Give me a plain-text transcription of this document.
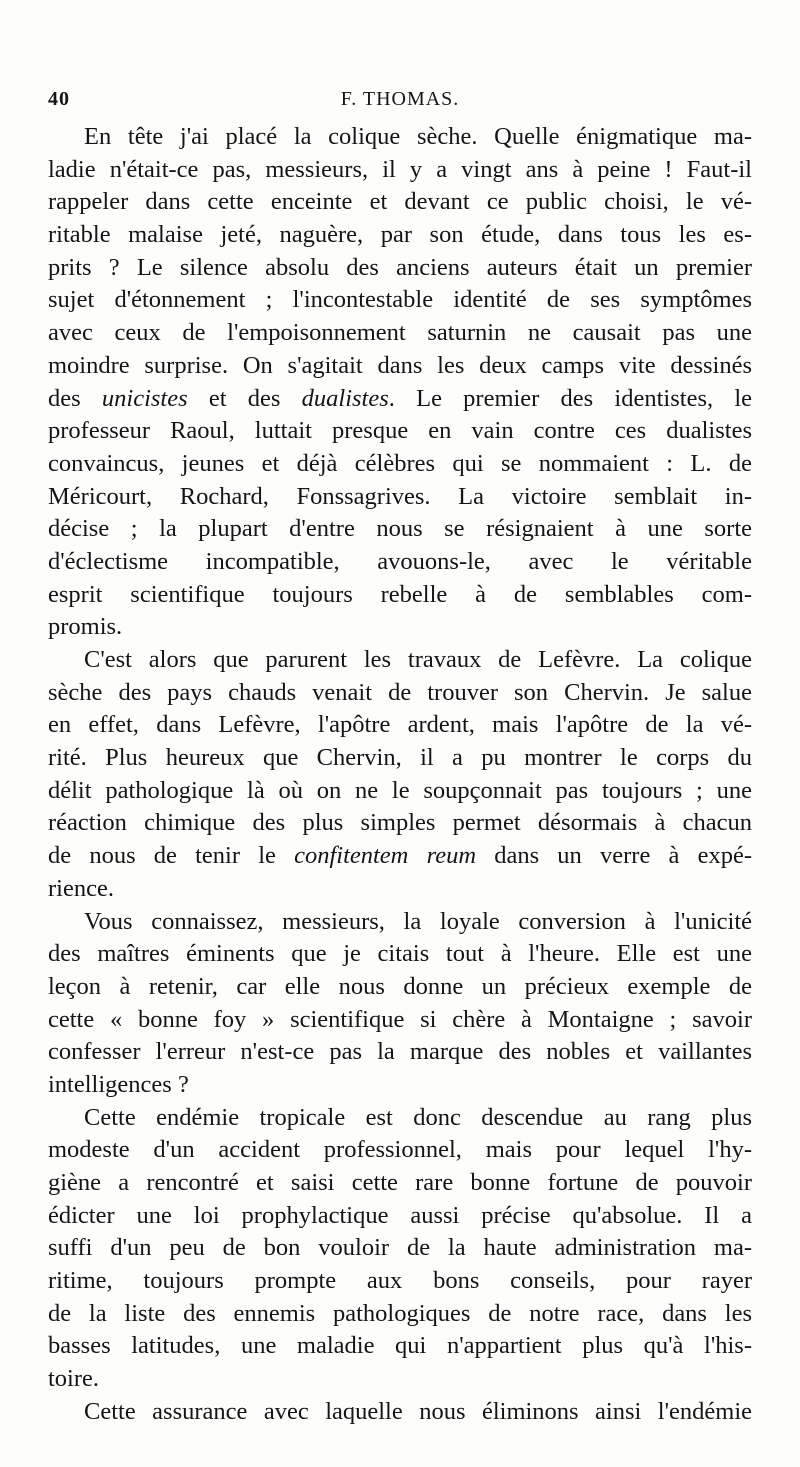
40	F. THOMAS.
En tête j'ai placé la colique sèche. Quelle énigmatique ma-
ladie n'était-ce pas, messieurs, il y a vingt ans à peine ! Faut-il
rappeler dans cette enceinte et devant ce public choisi, le vé-
ritable malaise jeté, naguère, par son étude, dans tous les es-
prits ? Le silence absolu des anciens auteurs était un premier
sujet d'étonnement ; l'incontestable identité de ses symptômes
avec ceux de l'empoisonnement saturnin ne causait pas une
moindre surprise. On s'agitait dans les deux camps vite dessinés
des unicistes et des dualistes. Le premier des identistes, le
professeur Raoul, luttait presque en vain contre ces dualistes
convaincus, jeunes et déjà célèbres qui se nommaient : L. de
Méricourt, Rochard, Fonssagrives. La victoire semblait in-
décise ; la plupart d'entre nous se résignaient à une sorte
d'éclectisme incompatible, avouons-le, avec le véritable
esprit scientifique toujours rebelle à de semblables com-
promis.
C'est alors que parurent les travaux de Lefèvre. La colique
sèche des pays chauds venait de trouver son Chervin. Je salue
en effet, dans Lefèvre, l'apôtre ardent, mais l'apôtre de la vé-
rité. Plus heureux que Chervin, il a pu montrer le corps du
délit pathologique là où on ne le soupçonnait pas toujours ; une
réaction chimique des plus simples permet désormais à chacun
de nous de tenir le confitentem reum dans un verre à expé-
rience.
Vous connaissez, messieurs, la loyale conversion à l'unicité
des maîtres éminents que je citais tout à l'heure. Elle est une
leçon à retenir, car elle nous donne un précieux exemple de
cette « bonne foy » scientifique si chère à Montaigne ; savoir
confesser l'erreur n'est-ce pas la marque des nobles et vaillantes
intelligences ?
Cette endémie tropicale est donc descendue au rang plus
modeste d'un accident professionnel, mais pour lequel l'hy-
giène a rencontré et saisi cette rare bonne fortune de pouvoir
édicter une loi prophylactique aussi précise qu'absolue. Il a
suffi d'un peu de bon vouloir de la haute administration ma-
ritime, toujours prompte aux bons conseils, pour rayer
de la liste des ennemis pathologiques de notre race, dans les
basses latitudes, une maladie qui n'appartient plus qu'à l'his-
toire.
Cette assurance avec laquelle nous éliminons ainsi l'endémie
